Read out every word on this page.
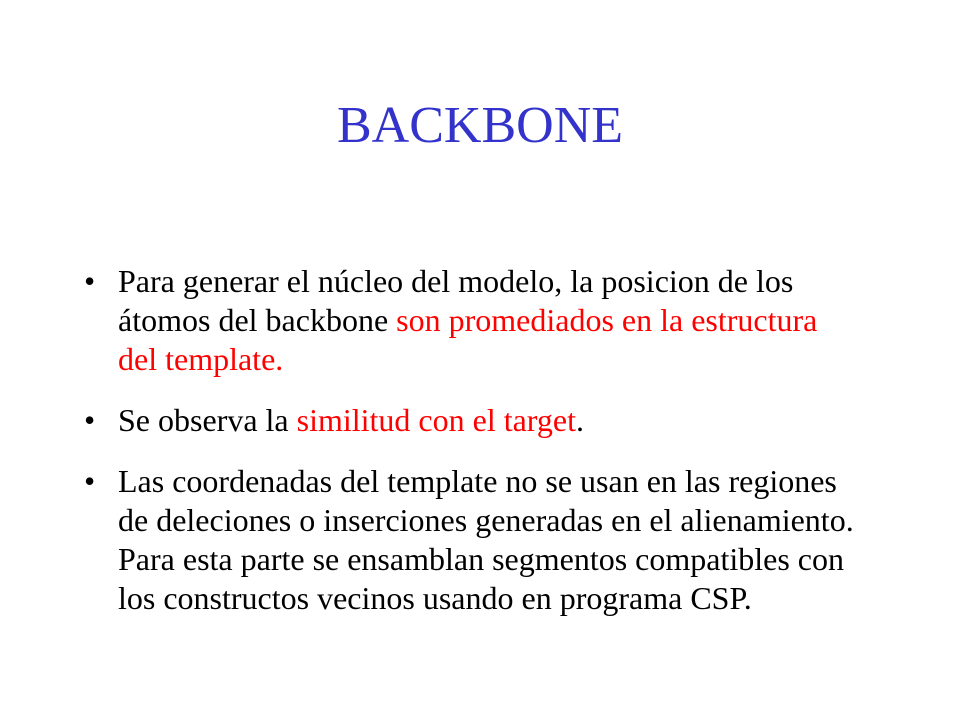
BACKBONE
• Para generar el núcleo del modelo, la posicion de los átomos del backbone son promediados en la estructura del template.
• Se observa la similitud con el target.
• Las coordenadas del template no se usan en las regiones de deleciones o inserciones generadas en el alienamiento. Para esta parte se ensamblan segmentos compatibles con los constructos vecinos usando en programa CSP.
